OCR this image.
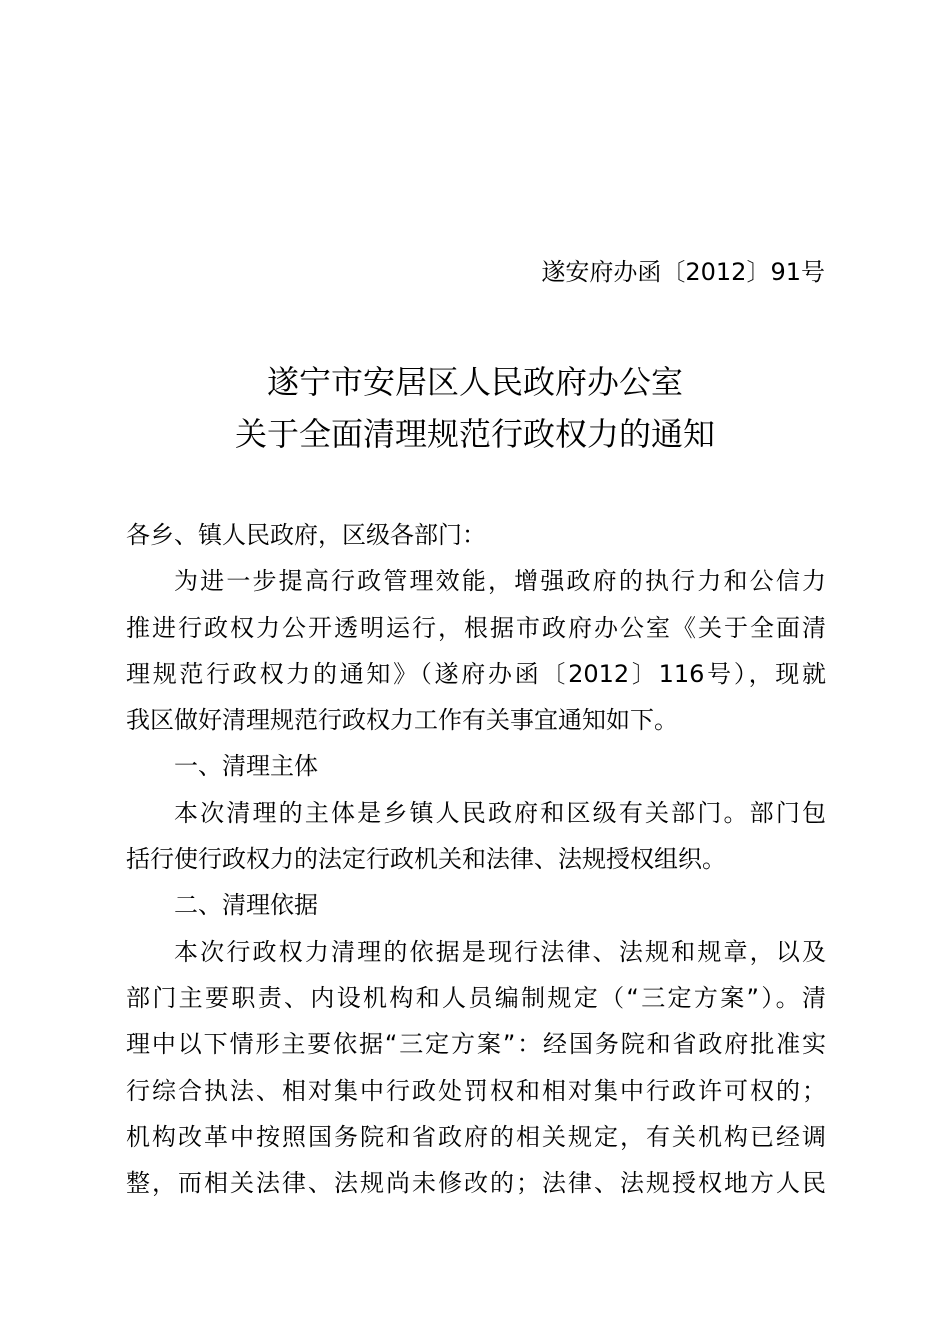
遂安府办函〔2012〕91号
遂宁市安居区人民政府办公室
关于全面清理规范行政权力的通知
各乡、镇人民政府，区级各部门：
为进一步提高行政管理效能，增强政府的执行力和公信力
推进行政权力公开透明运行，根据市政府办公室《关于全面清
理规范行政权力的通知》（遂府办函〔2012〕116号），现就
我区做好清理规范行政权力工作有关事宜通知如下。
一、清理主体
本次清理的主体是乡镇人民政府和区级有关部门。部门包
括行使行政权力的法定行政机关和法律、法规授权组织。
二、清理依据
本次行政权力清理的依据是现行法律、法规和规章，以及
部门主要职责、内设机构和人员编制规定（“三定方案”）。清
理中以下情形主要依据“三定方案”：经国务院和省政府批准实
行综合执法、相对集中行政处罚权和相对集中行政许可权的；
机构改革中按照国务院和省政府的相关规定，有关机构已经调
整，而相关法律、法规尚未修改的；法律、法规授权地方人民
